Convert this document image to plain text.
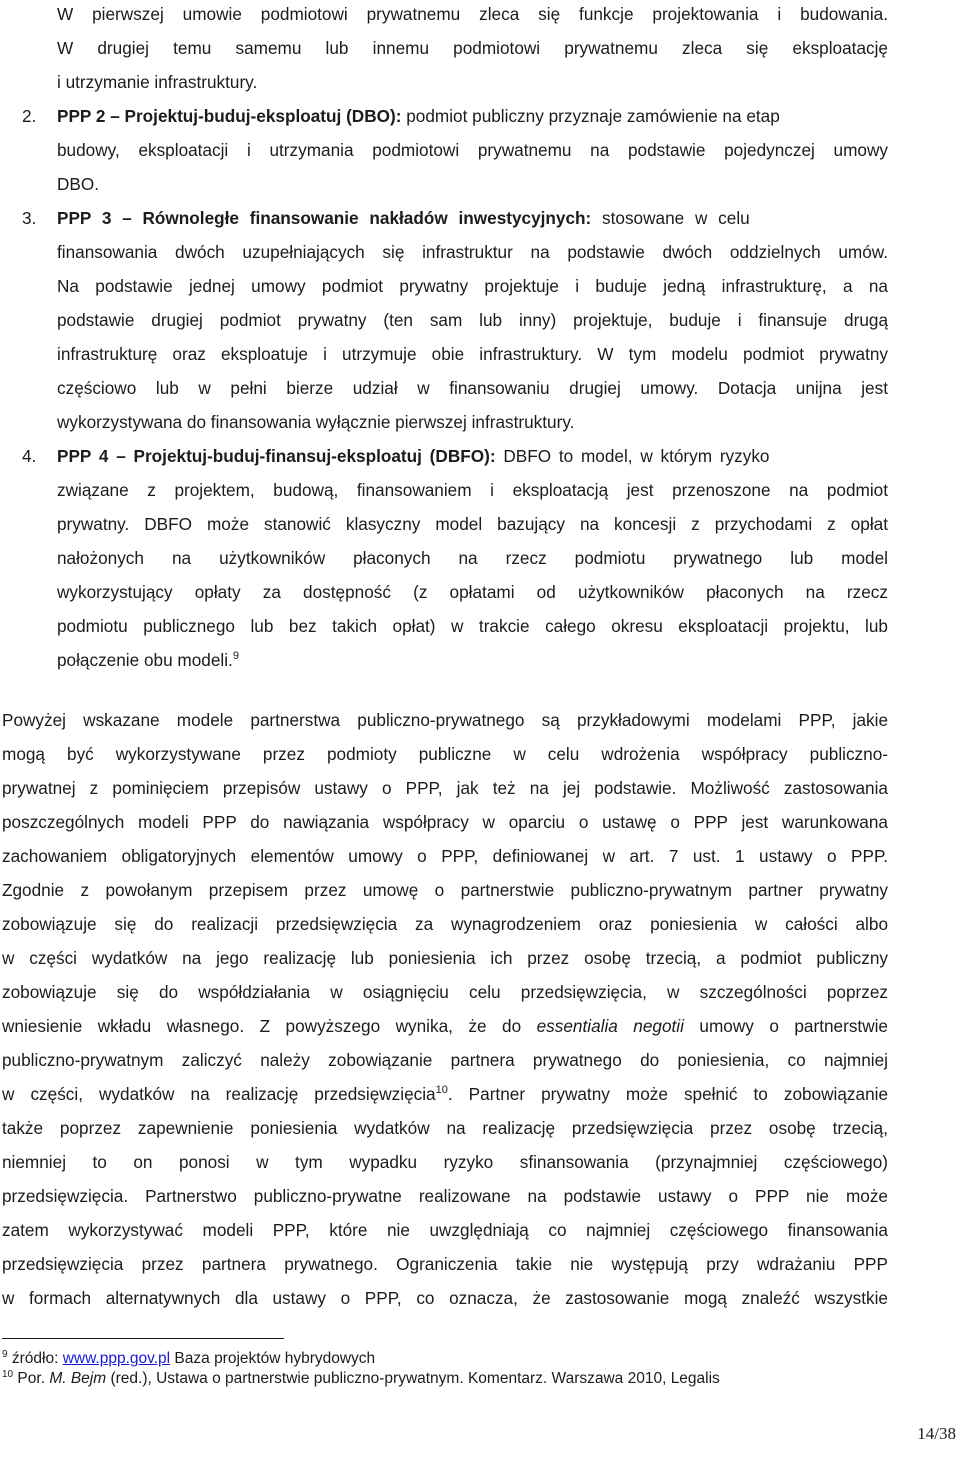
W pierwszej umowie podmiotowi prywatnemu zleca się funkcje projektowania i budowania.
W drugiej temu samemu lub innemu podmiotowi prywatnemu zleca się eksploatację
i utrzymanie infrastruktury.
2. PPP 2 – Projektuj-buduj-eksploatuj (DBO): podmiot publiczny przyznaje zamówienie na etap
budowy, eksploatacji i utrzymania podmiotowi prywatnemu na podstawie pojedynczej umowy
DBO.
3. PPP 3 – Równoległe finansowanie nakładów inwestycyjnych: stosowane w celu
finansowania dwóch uzupełniających się infrastruktur na podstawie dwóch oddzielnych umów.
Na podstawie jednej umowy podmiot prywatny projektuje i buduje jedną infrastrukturę, a na
podstawie drugiej podmiot prywatny (ten sam lub inny) projektuje, buduje i finansuje drugą
infrastrukturę oraz eksploatuje i utrzymuje obie infrastruktury. W tym modelu podmiot prywatny
częściowo lub w pełni bierze udział w finansowaniu drugiej umowy. Dotacja unijna jest
wykorzystywana do finansowania wyłącznie pierwszej infrastruktury.
4. PPP 4 – Projektuj-buduj-finansuj-eksploatuj (DBFO): DBFO to model, w którym ryzyko
związane z projektem, budową, finansowaniem i eksploatacją jest przenoszone na podmiot
prywatny. DBFO może stanowić klasyczny model bazujący na koncesji z przychodami z opłat
nałożonych na użytkowników płaconych na rzecz podmiotu prywatnego lub model
wykorzystujący opłaty za dostępność (z opłatami od użytkowników płaconych na rzecz
podmiotu publicznego lub bez takich opłat) w trakcie całego okresu eksploatacji projektu, lub
połączenie obu modeli.$^9$
Powyżej wskazane modele partnerstwa publiczno-prywatnego są przykładowymi modelami PPP, jakie
mogą być wykorzystywane przez podmioty publiczne w celu wdrożenia współpracy publiczno-
prywatnej z pominięciem przepisów ustawy o PPP, jak też na jej podstawie. Możliwość zastosowania
poszczególnych modeli PPP do nawiązania współpracy w oparciu o ustawę o PPP jest warunkowana
zachowaniem obligatoryjnych elementów umowy o PPP, definiowanej w art. 7 ust. 1 ustawy o PPP.
Zgodnie z powołanym przepisem przez umowę o partnerstwie publiczno-prywatnym partner prywatny
zobowiązuje się do realizacji przedsięwzięcia za wynagrodzeniem oraz poniesienia w całości albo
w części wydatków na jego realizację lub poniesienia ich przez osobę trzecią, a podmiot publiczny
zobowiązuje się do współdziałania w osiągnięciu celu przedsięwzięcia, w szczególności poprzez
wniesienie wkładu własnego. Z powyższego wynika, że do essentialia negotii umowy o partnerstwie
publiczno-prywatnym zaliczyć należy zobowiązanie partnera prywatnego do poniesienia, co najmniej
w części, wydatków na realizację przedsięwzięcia$^{10}$. Partner prywatny może spełnić to zobowiązanie
także poprzez zapewnienie poniesienia wydatków na realizację przedsięwzięcia przez osobę trzecią,
niemniej to on ponosi w tym wypadku ryzyko sfinansowania (przynajmniej częściowego)
przedsięwzięcia. Partnerstwo publiczno-prywatne realizowane na podstawie ustawy o PPP nie może
zatem wykorzystywać modeli PPP, które nie uwzględniają co najmniej częściowego finansowania
przedsięwzięcia przez partnera prywatnego. Ograniczenia takie nie występują przy wdrażaniu PPP
w formach alternatywnych dla ustawy o PPP, co oznacza, że zastosowanie mogą znaleźć wszystkie
$^9$ źródło: www.ppp.gov.pl Baza projektów hybrydowych
$^{10}$ Por. M. Bejm (red.), Ustawa o partnerstwie publiczno-prywatnym. Komentarz. Warszawa 2010, Legalis
14/38
